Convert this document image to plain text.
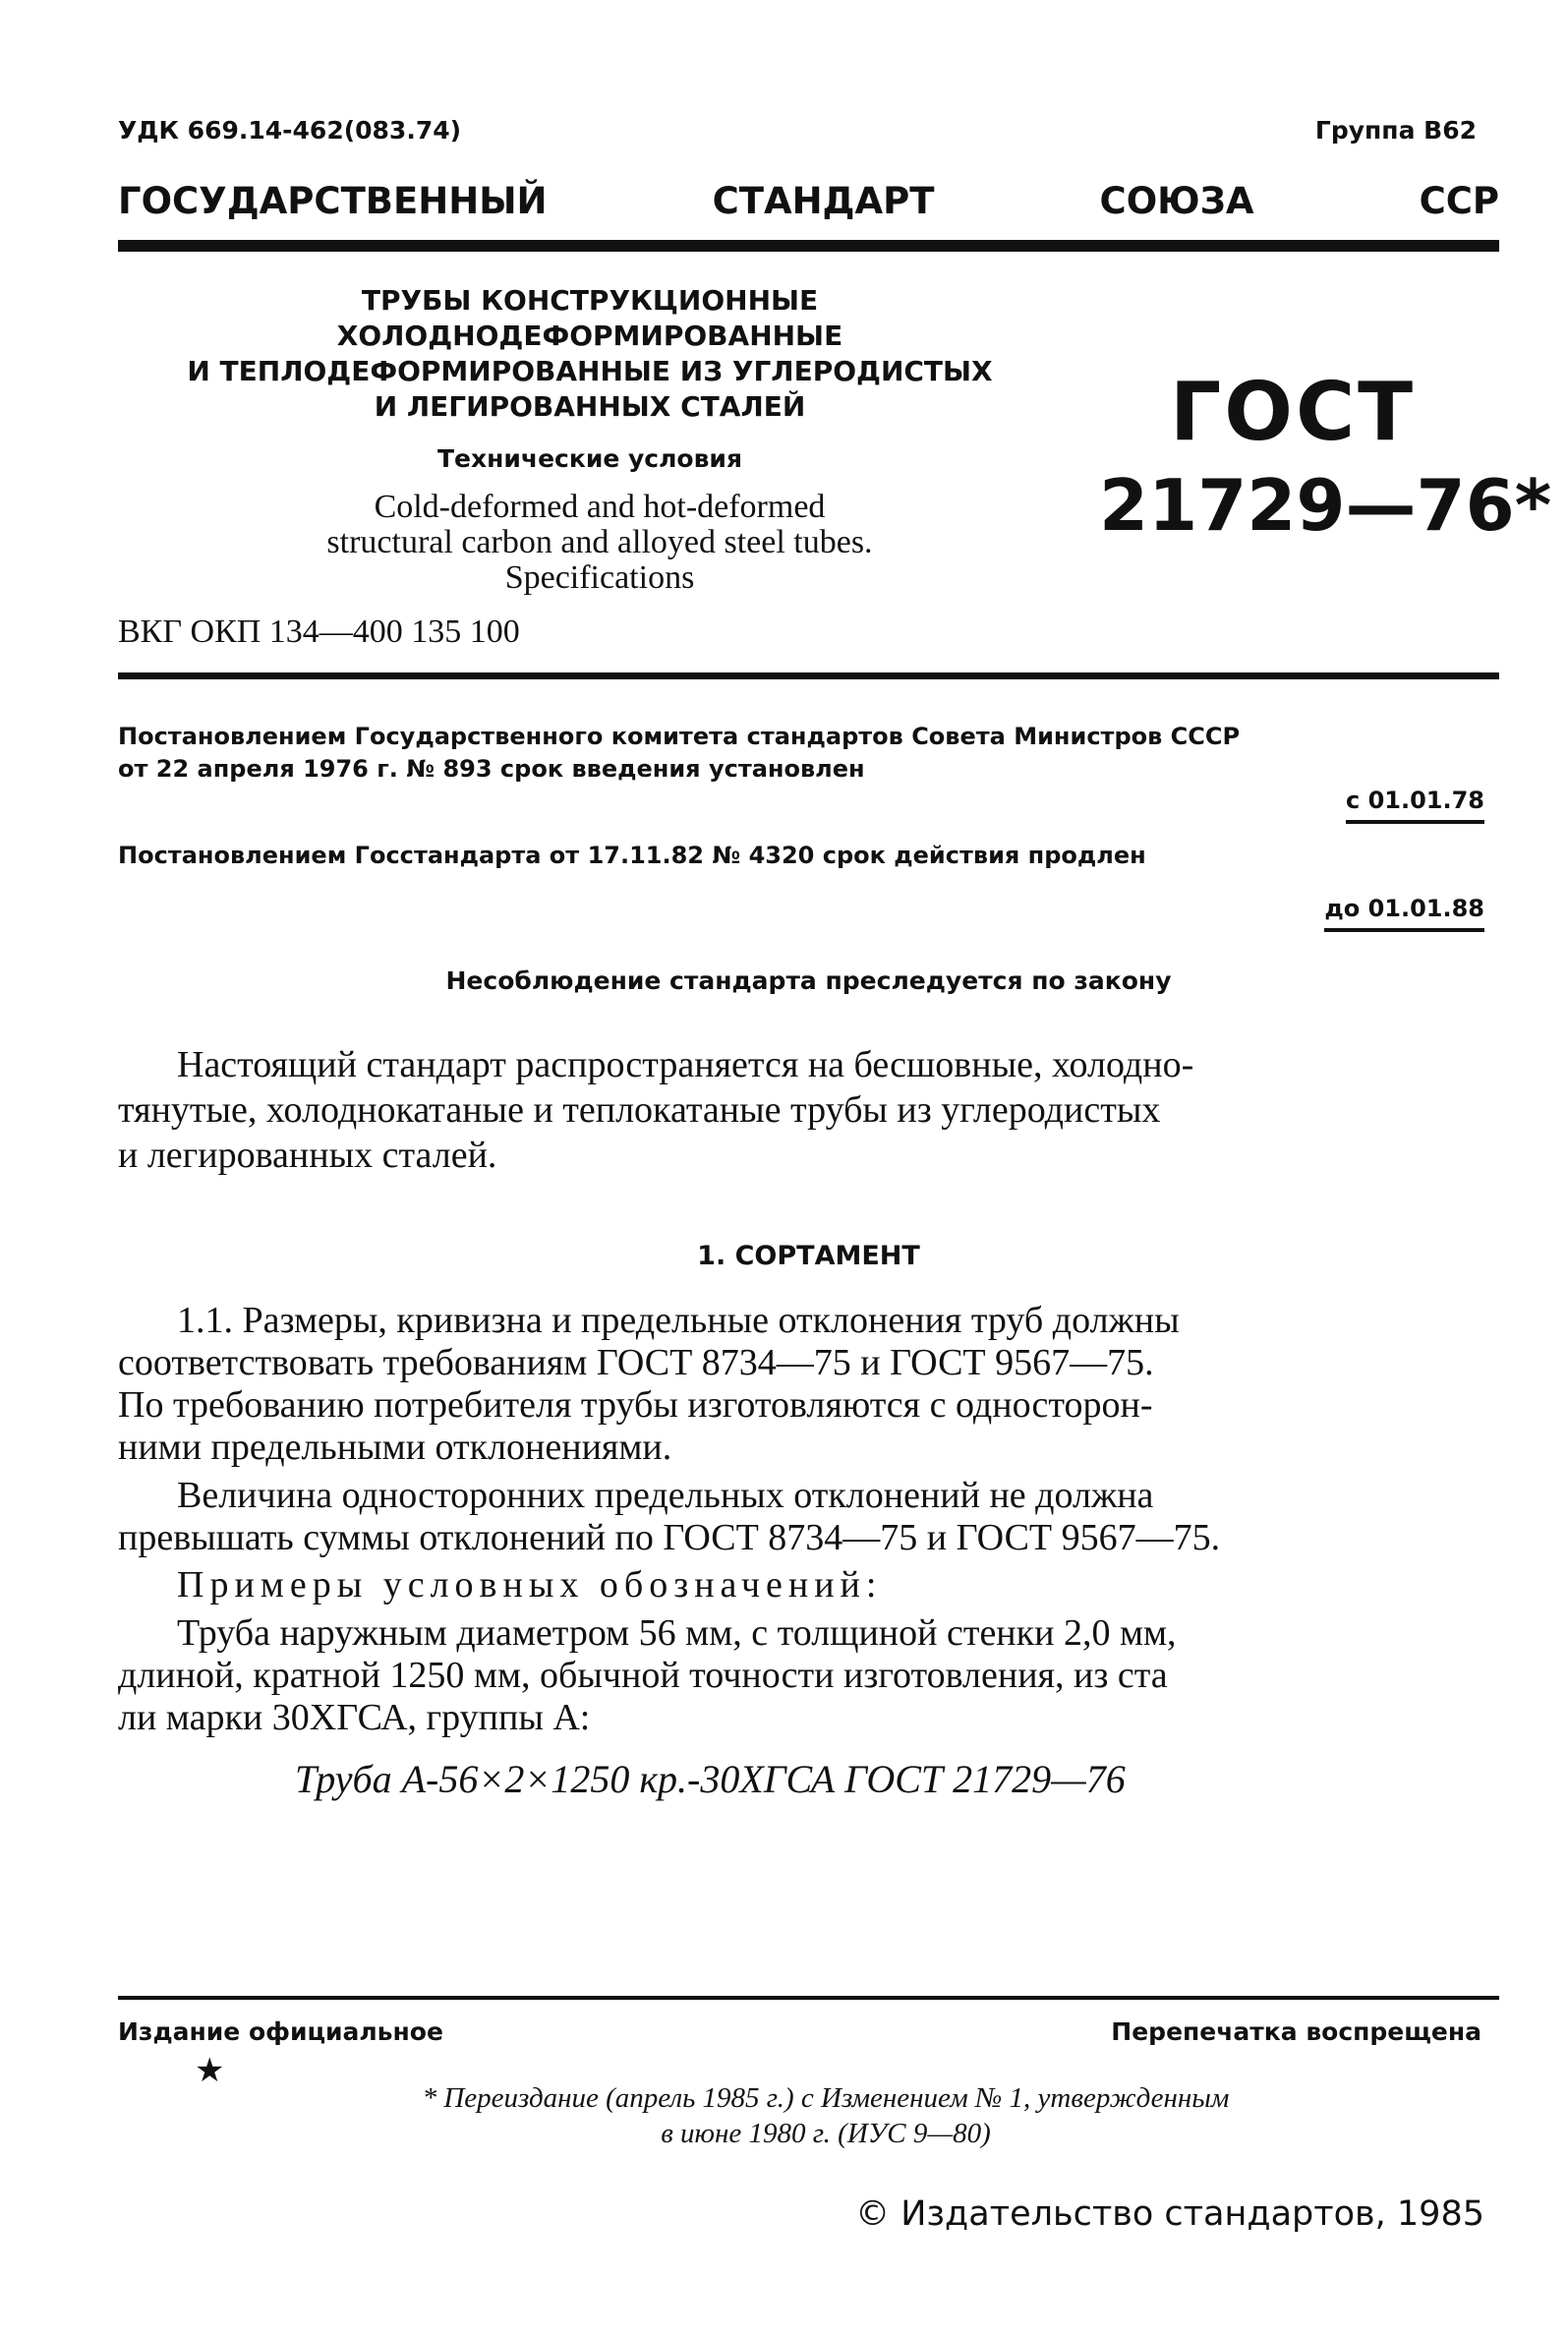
УДК 669.14-462(083.74)	Группа В62
ГОСУДАРСТВЕННЫЙ СТАНДАРТ СОЮЗА ССР
ТРУБЫ КОНСТРУКЦИОННЫЕ
ХОЛОДНОДЕФОРМИРОВАННЫЕ
И ТЕПЛОДЕФОРМИРОВАННЫЕ ИЗ УГЛЕРОДИСТЫХ
И ЛЕГИРОВАННЫХ СТАЛЕЙ
Технические условия
Cold-deformed and hot-deformed
structural carbon and alloyed steel tubes.
Specifications
ВКГ ОКП 134—400 135 100
ГОСТ
21729—76*
Постановлением Государственного комитета стандартов Совета Министров СССР
от 22 апреля 1976 г. № 893 срок введения установлен
с 01.01.78
Постановлением Госстандарта от 17.11.82 № 4320 срок действия продлен
до 01.01.88
Несоблюдение стандарта преследуется по закону
Настоящий стандарт распространяется на бесшовные, холодно-
тянутые, холоднокатаные и теплокатаные трубы из углеродистых
и легированных сталей.
1. СОРТАМЕНТ
1.1. Размеры, кривизна и предельные отклонения труб должны
соответствовать требованиям ГОСТ 8734—75 и ГОСТ 9567—75.
По требованию потребителя трубы изготовляются с односторон-
ними предельными отклонениями.
Величина односторонних предельных отклонений не должна
превышать суммы отклонений по ГОСТ 8734—75 и ГОСТ 9567—75.
Примеры условных обозначений:
Труба наружным диаметром 56 мм, с толщиной стенки 2,0 мм,
длиной, кратной 1250 мм, обычной точности изготовления, из ста
ли марки 30ХГСА, группы А:
Труба А-56×2×1250 кр.-30ХГСА ГОСТ 21729—76
Издание официальное	Перепечатка воспрещена
★
* Переиздание (апрель 1985 г.) с Изменением № 1, утвержденным
в июне 1980 г. (ИУС 9—80)
© Издательство стандартов, 1985
